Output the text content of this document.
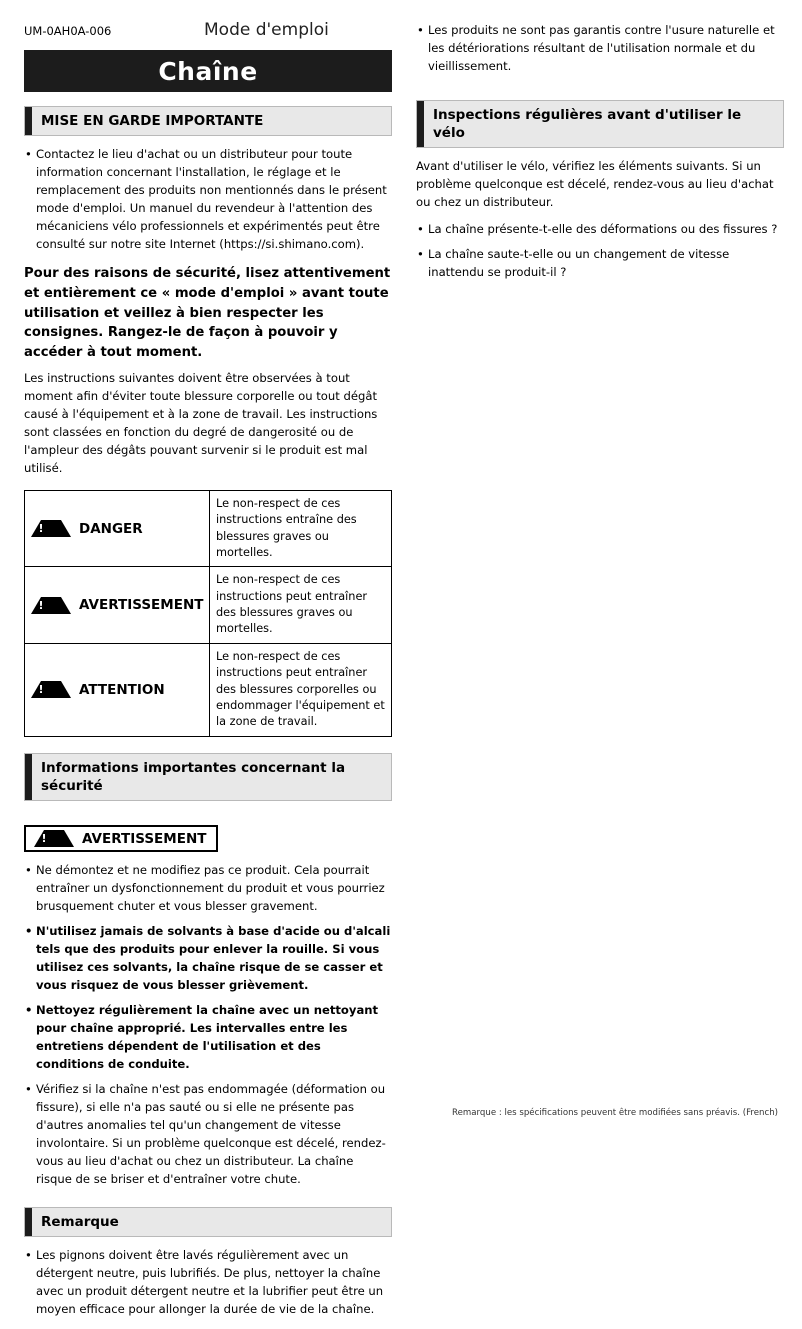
UM-0AH0A-006	Mode d'emploi
Chaîne
MISE EN GARDE IMPORTANTE
• Contactez le lieu d'achat ou un distributeur pour toute information concernant l'installation, le réglage et le remplacement des produits non mentionnés dans le présent mode d'emploi. Un manuel du revendeur à l'attention des mécaniciens vélo professionnels et expérimentés peut être consulté sur notre site Internet (https://si.shimano.com).

Pour des raisons de sécurité, lisez attentivement et entièrement ce « mode d'emploi » avant toute utilisation et veillez à bien respecter les consignes. Rangez-le de façon à pouvoir y accéder à tout moment.

Les instructions suivantes doivent être observées à tout moment afin d'éviter toute blessure corporelle ou tout dégât causé à l'équipement et à la zone de travail. Les instructions sont classées en fonction du degré de dangerosité ou de l'ampleur des dégâts pouvant survenir si le produit est mal utilisé.

!
DANGER	Le non-respect de ces instructions entraîne des blessures graves ou mortelles.

!
AVERTISSEMENT	Le non-respect de ces instructions peut entraîner des blessures graves ou mortelles.

!
ATTENTION	Le non-respect de ces instructions peut entraîner des blessures corporelles ou endommager l'équipement et la zone de travail.
Informations importantes concernant la sécurité
!
AVERTISSEMENT
• Ne démontez et ne modifiez pas ce produit. Cela pourrait entraîner un dysfonctionnement du produit et vous pourriez brusquement chuter et vous blesser gravement.
• N'utilisez jamais de solvants à base d'acide ou d'alcali tels que des produits pour enlever la rouille. Si vous utilisez ces solvants, la chaîne risque de se casser et vous risquez de vous blesser grièvement.
• Nettoyez régulièrement la chaîne avec un nettoyant pour chaîne approprié. Les intervalles entre les entretiens dépendent de l'utilisation et des conditions de conduite.
• Vérifiez si la chaîne n'est pas endommagée (déformation ou fissure), si elle n'a pas sauté ou si elle ne présente pas d'autres anomalies tel qu'un changement de vitesse involontaire. Si un problème quelconque est décelé, rendez-vous au lieu d'achat ou chez un distributeur. La chaîne risque de se briser et d'entraîner votre chute.
Remarque
• Les pignons doivent être lavés régulièrement avec un détergent neutre, puis lubrifiés. De plus, nettoyer la chaîne avec un produit détergent neutre et la lubrifier peut être un moyen efficace pour allonger la durée de vie de la chaîne.
• Les produits ne sont pas garantis contre l'usure naturelle et les détériorations résultant de l'utilisation normale et du vieillissement.
Inspections régulières avant d'utiliser le vélo

Avant d'utiliser le vélo, vérifiez les éléments suivants. Si un problème quelconque est décelé, rendez-vous au lieu d'achat ou chez un distributeur.

• La chaîne présente-t-elle des déformations ou des fissures ?
• La chaîne saute-t-elle ou un changement de vitesse inattendu se produit-il ?
Remarque : les spécifications peuvent être modifiées sans préavis. (French)
